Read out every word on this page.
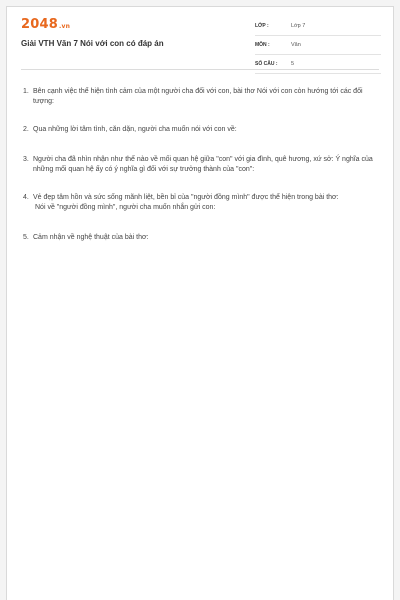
2048.vn
Giải VTH Văn 7 Nói với con có đáp án
LỚP :	Lớp 7
MÔN :	Văn
SỐ CÂU : 5
1. Bên cạnh việc thể hiện tình cảm của một người cha đối với con, bài thơ Nói với con còn hướng tới các đối tượng:
2. Qua những lời tâm tình, căn dặn, người cha muốn nói với con về:
3. Người cha đã nhìn nhận như thế nào về mối quan hệ giữa "con" với gia đình, quê hương, xứ sở: Ý nghĩa của những mối quan hệ ấy có ý nghĩa gì đối với sự trưởng thành của "con":
4. Vẻ đẹp tâm hồn và sức sống mãnh liệt, bền bỉ của "người đồng mình" được thể hiện trong bài thơ:
Nói về "người đồng mình", người cha muốn nhắn gửi con:
5. Cảm nhận về nghệ thuật của bài thơ:
